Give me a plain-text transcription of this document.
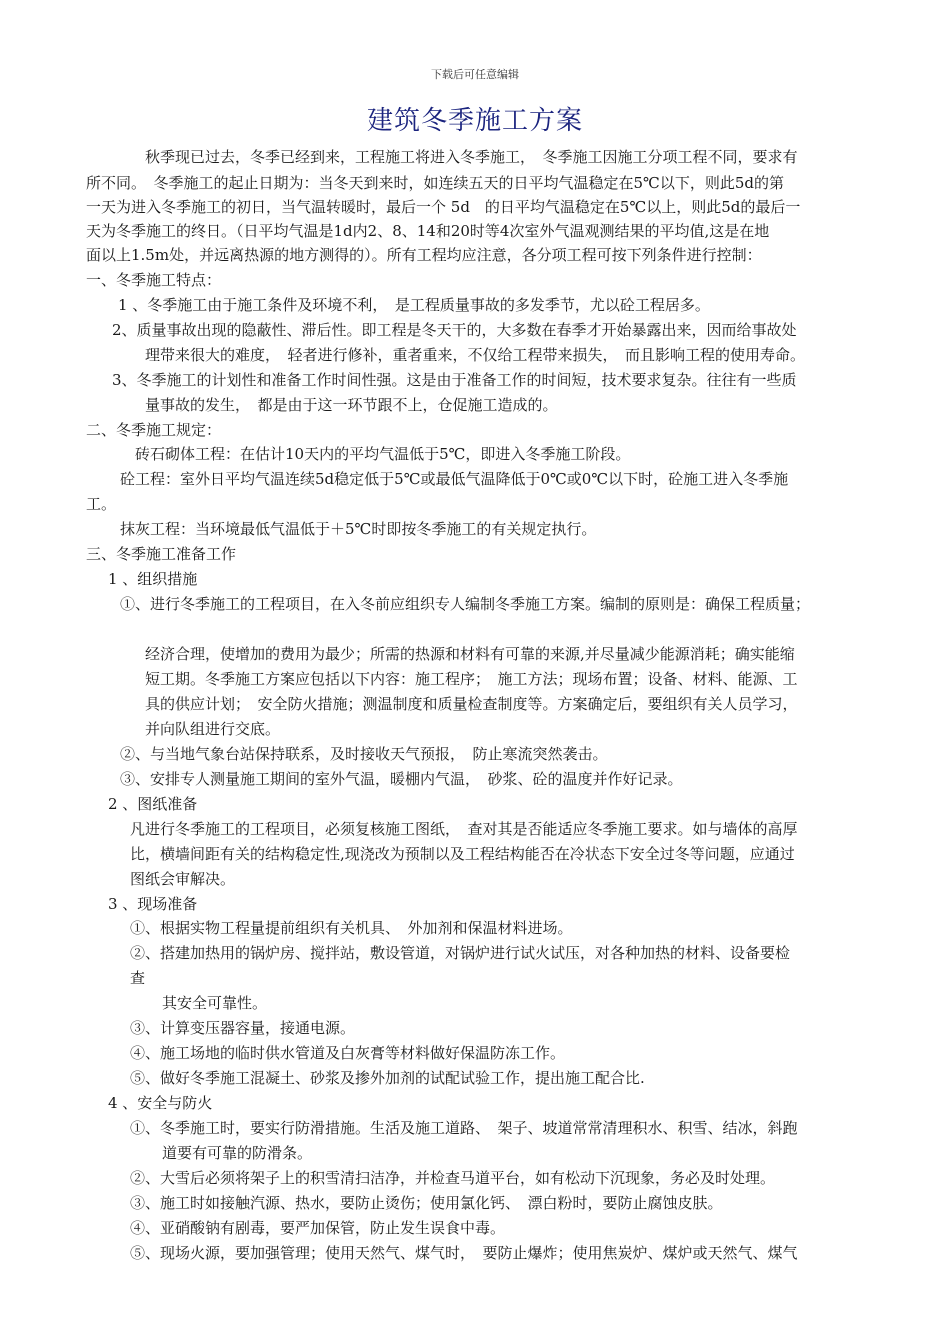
下载后可任意编辑
建筑冬季施工方案
秋季现已过去，冬季已经到来，工程施工将进入冬季施工，　冬季施工因施工分项工程不同，要求有
所不同。　冬季施工的起止日期为：当冬天到来时，如连续五天的日平均气温稳定在5℃以下，则此5d的第
一天为进入冬季施工的初日，当气温转暖时，最后一个 5d　的日平均气温稳定在5℃以上，则此5d的最后一
天为冬季施工的终日。（日平均气温是1d内2、8、14和20时等4次室外气温观测结果的平均值,这是在地
面以上1.5m处，并远离热源的地方测得的）。所有工程均应注意，各分项工程可按下列条件进行控制：
一、冬季施工特点：
1 、冬季施工由于施工条件及环境不利，　是工程质量事故的多发季节，尤以砼工程居多。
2、质量事故出现的隐蔽性、滞后性。即工程是冬天干的，大多数在春季才开始暴露出来，因而给事故处
理带来很大的难度，　轻者进行修补，重者重来，不仅给工程带来损失，　而且影响工程的使用寿命。
3、冬季施工的计划性和准备工作时间性强。这是由于准备工作的时间短，技术要求复杂。往往有一些质
量事故的发生，　都是由于这一环节跟不上，仓促施工造成的。
二、冬季施工规定：
砖石砌体工程：在估计10天内的平均气温低于5℃，即进入冬季施工阶段。
砼工程：室外日平均气温连续5d稳定低于5℃或最低气温降低于0℃或0℃以下时，砼施工进入冬季施
工。
抹灰工程：当环境最低气温低于＋5℃时即按冬季施工的有关规定执行。
三、冬季施工准备工作
1 、组织措施
①、进行冬季施工的工程项目，在入冬前应组织专人编制冬季施工方案。编制的原则是：确保工程质量；
经济合理，使增加的费用为最少；所需的热源和材料有可靠的来源,并尽量减少能源消耗；确实能缩
短工期。冬季施工方案应包括以下内容：施工程序；　施工方法；现场布置；设备、材料、能源、工
具的供应计划；　安全防火措施；测温制度和质量检查制度等。方案确定后，要组织有关人员学习，
并向队组进行交底。
②、与当地气象台站保持联系，及时接收天气预报，　防止寒流突然袭击。
③、安排专人测量施工期间的室外气温，暖棚内气温，　砂浆、砼的温度并作好记录。
2 、图纸准备
凡进行冬季施工的工程项目，必须复核施工图纸，　查对其是否能适应冬季施工要求。如与墙体的高厚
比，横墙间距有关的结构稳定性,现浇改为预制以及工程结构能否在冷状态下安全过冬等问题，应通过
图纸会审解决。
3 、现场准备
①、根据实物工程量提前组织有关机具、　外加剂和保温材料进场。
②、搭建加热用的锅炉房、搅拌站，敷设管道，对锅炉进行试火试压，对各种加热的材料、设备要检
查
其安全可靠性。
③、计算变压器容量，接通电源。
④、施工场地的临时供水管道及白灰膏等材料做好保温防冻工作。
⑤、做好冬季施工混凝土、砂浆及掺外加剂的试配试验工作，提出施工配合比.
4 、安全与防火
①、冬季施工时，要实行防滑措施。生活及施工道路、　架子、坡道常常清理积水、积雪、结冰，斜跑
道要有可靠的防滑条。
②、大雪后必须将架子上的积雪清扫洁净，并检查马道平台，如有松动下沉现象，务必及时处理。
③、施工时如接触汽源、热水，要防止烫伤；使用氯化钙、　漂白粉时，要防止腐蚀皮肤。
④、亚硝酸钠有剧毒，要严加保管，防止发生误食中毒。
⑤、现场火源，要加强管理；使用天然气、煤气时，　要防止爆炸；使用焦炭炉、煤炉或天然气、煤气
